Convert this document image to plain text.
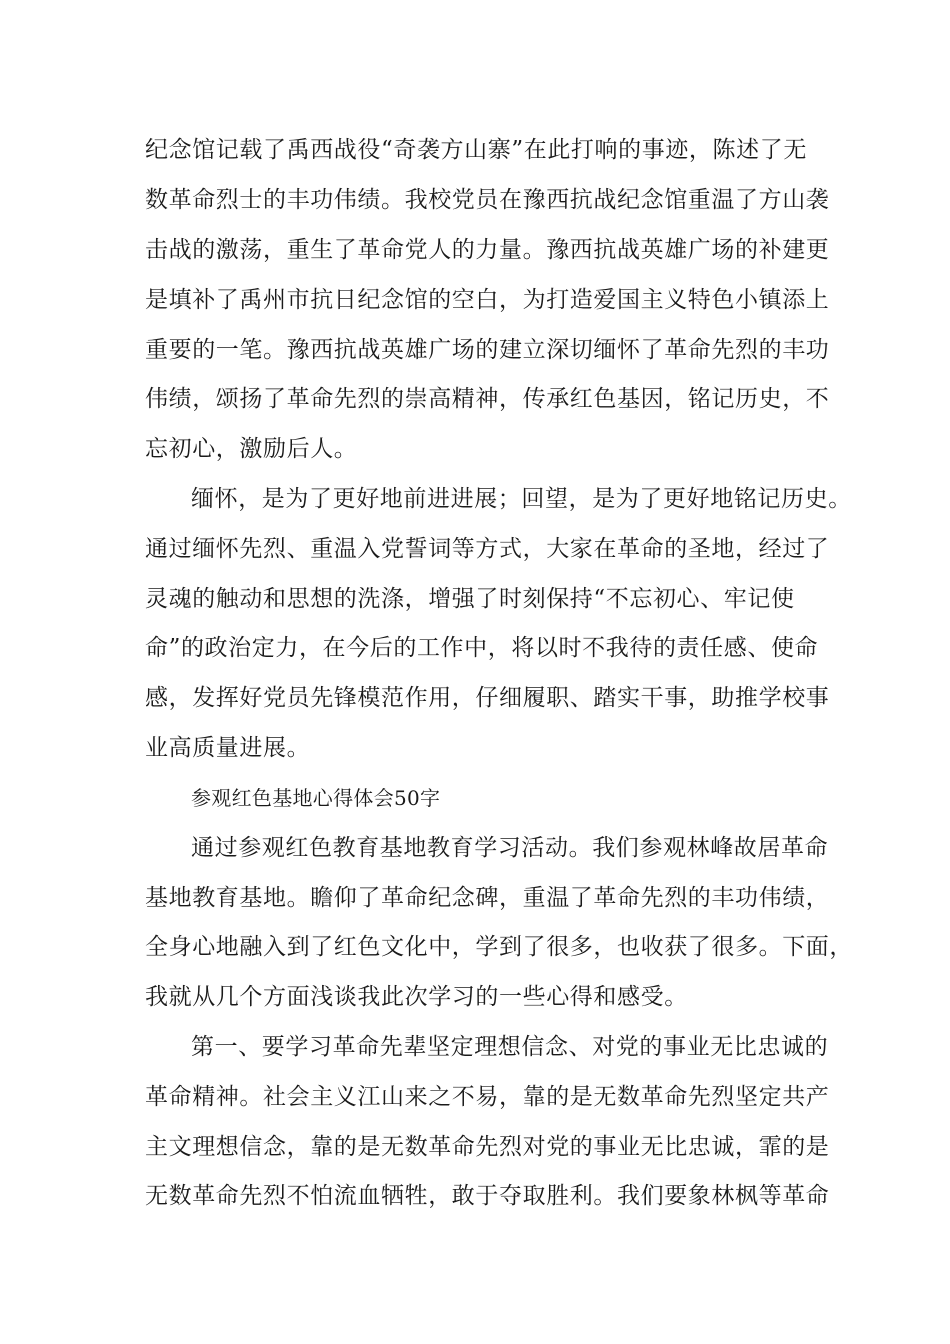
纪念馆记载了禹西战役“奇袭方山寨”在此打响的事迹，陈述了无
数革命烈士的丰功伟绩。我校党员在豫西抗战纪念馆重温了方山袭
击战的激荡，重生了革命党人的力量。豫西抗战英雄广场的补建更
是填补了禹州市抗日纪念馆的空白，为打造爱国主义特色小镇添上
重要的一笔。豫西抗战英雄广场的建立深切缅怀了革命先烈的丰功
伟绩，颂扬了革命先烈的崇高精神，传承红色基因，铭记历史，不
忘初心，激励后人。
缅怀，是为了更好地前进进展；回望，是为了更好地铭记历史。
通过缅怀先烈、重温入党誓词等方式，大家在革命的圣地，经过了
灵魂的触动和思想的洗涤，增强了时刻保持“不忘初心、牢记使
命”的政治定力，在今后的工作中，将以时不我待的责任感、使命
感，发挥好党员先锋模范作用，仔细履职、踏实干事，助推学校事
业高质量进展。
参观红色基地心得体会50字
通过参观红色教育基地教育学习活动。我们参观林峰故居革命
基地教育基地。瞻仰了革命纪念碑，重温了革命先烈的丰功伟绩，
全身心地融入到了红色文化中，学到了很多，也收获了很多。下面，
我就从几个方面浅谈我此次学习的一些心得和感受。
第一、要学习革命先辈坚定理想信念、对党的事业无比忠诚的
革命精神。社会主义江山来之不易，靠的是无数革命先烈坚定共产
主文理想信念，靠的是无数革命先烈对党的事业无比忠诚，霏的是
无数革命先烈不怕流血牺牲，敢于夺取胜利。我们要象林枫等革命
